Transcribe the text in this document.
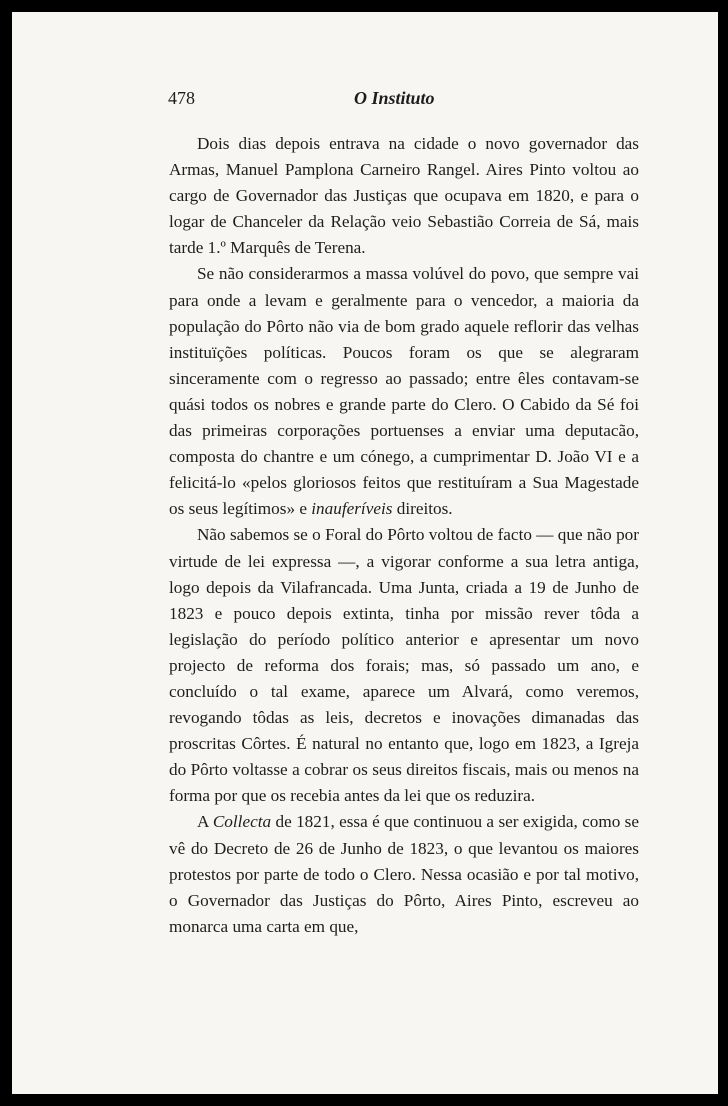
478	O Instituto

Dois dias depois entrava na cidade o novo governador das Armas, Manuel Pamplona Carneiro Rangel. Aires Pinto voltou ao cargo de Governador das Justiças que ocupava em 1820, e para o logar de Chanceler da Relação veio Sebastião Correia de Sá, mais tarde 1.º Marquês de Terena.

Se não considerarmos a massa volúvel do povo, que sempre vai para onde a levam e geralmente para o vencedor, a maioria da população do Pôrto não via de bom grado aquele reflorir das velhas instituïções políticas. Poucos foram os que se alegraram sinceramente com o regresso ao passado; entre êles contavam-se quási todos os nobres e grande parte do Clero. O Cabido da Sé foi das primeiras corporações portuenses a enviar uma deputacão, composta do chantre e um cónego, a cumprimentar D. João VI e a felicitá-lo «pelos gloriosos feitos que restituíram a Sua Magestade os seus legítimos» e inauferíveis direitos.

Não sabemos se o Foral do Pôrto voltou de facto — que não por virtude de lei expressa —, a vigorar conforme a sua letra antiga, logo depois da Vilafrancada. Uma Junta, criada a 19 de Junho de 1823 e pouco depois extinta, tinha por missão rever tôda a legislação do período político anterior e apresentar um novo projecto de reforma dos forais; mas, só passado um ano, e concluído o tal exame, aparece um Alvará, como veremos, revogando tôdas as leis, decretos e inovações dimanadas das proscritas Côrtes. É natural no entanto que, logo em 1823, a Igreja do Pôrto voltasse a cobrar os seus direitos fiscais, mais ou menos na forma por que os recebia antes da lei que os reduzira.

A Collecta de 1821, essa é que continuou a ser exigida, como se vê do Decreto de 26 de Junho de 1823, o que levantou os maiores protestos por parte de todo o Clero. Nessa ocasião e por tal motivo, o Governador das Justiças do Pôrto, Aires Pinto, escreveu ao monarca uma carta em que,
